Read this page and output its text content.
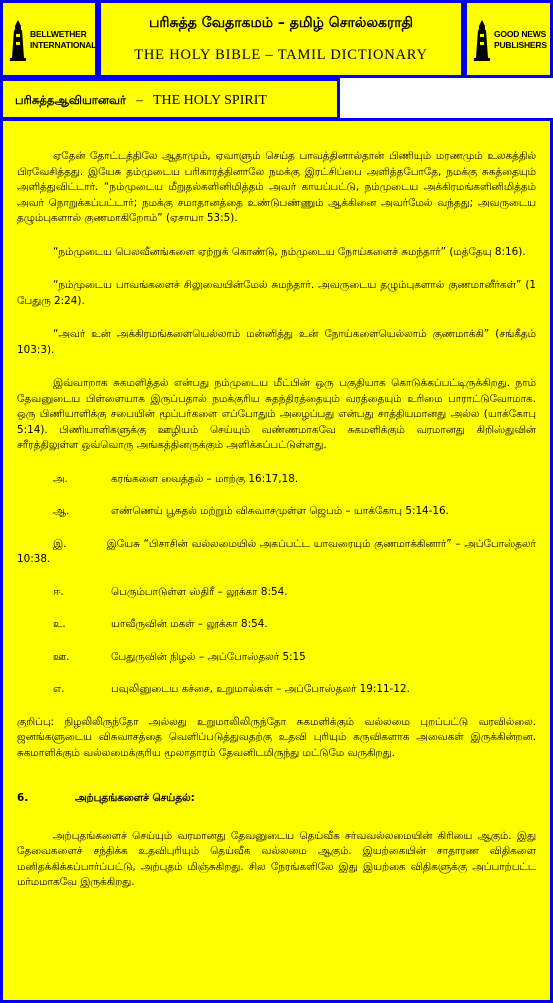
BELLWETHER INTERNATIONAL
பரிசுத்த வேதாகமம் – தமிழ் சொல்லகராதி
THE HOLY BIBLE – TAMIL DICTIONARY
GOOD NEWS PUBLISHERS
பரிசுத்தஆவியானவர் – THE HOLY SPIRIT

ஏதேன் தோட்டத்திலே ஆதாமும், ஏவாளும் செய்த பாவத்தினால்தான் பிணியும் மரணமும் உலகத்தில் பிரவேசித்தது. இயேசு தம்முடைய பரிகாரத்தினாலே நமக்கு இரட்சிப்பை அளித்தபோதே, நமக்கு சுகத்தையும் அளித்துவிட்டார். “நம்முடைய மீறுதல்களினிமித்தம் அவர் காயப்பட்டு, நம்முடைய அக்கிரமங்களினிமித்தம் அவர் நொறுக்கப்பட்டார்; நமக்கு சமாதானத்தை உண்டுபண்ணும் ஆக்கினை அவர்மேல் வந்தது; அவருடைய தழும்புகளால் குணமாகிறோம்” (ஏசாயா 53:5).

“நம்முடைய பெலவீனங்களை ஏற்றுக் கொண்டு, நம்முடைய நோய்களைச் சுமந்தார்” (மத்தேயு 8:16).

“நம்முடைய பாவங்களைச் சிலுவையின்மேல் சுமந்தார். அவருடைய தழும்புகளால் குணமானீர்கள்” (1 பேதுரு 2:24).

“அவர் உன் அக்கிரமங்களையெல்லாம் மன்னித்து உன் நோய்களையெல்லாம் குணமாக்கி” (சங்கீதம் 103:3).

இவ்வாறாக சுகமளித்தல் என்பது நம்முடைய மீட்பின் ஒரு பகுதியாக கொடுக்கப்பட்டிருக்கிறது. நாம் தேவனுடைய பிள்ளையாக இருப்பதால் நமக்குரிய சுதந்திரத்தையும் வரத்தையும் உரிமை பாராட்டுவோமாக. ஒரு பிணியாளிக்கு சபையின் மூப்பர்களை எப்போதும் அழைப்பது என்பது சாத்தியமானது அல்ல (யாக்கோபு 5:14). பிணியாளிகளுக்கு ஊழியம் செய்யும் வண்ணமாகவே சுகமளிக்கும் வரமானது கிறிஸ்துவின் சரீரத்திலுள்ள ஒவ்வொரு அங்கத்தினருக்கும் அளிக்கப்பட்டுள்ளது.

அ.	கரங்களை வைத்தல் – மாற்கு 16:17,18.

ஆ.	எண்ணெய் பூசுதல் மற்றும் விசுவாசமுள்ள ஜெபம் – யாக்கோபு 5:14-16.

இ.	இயேசு “பிசாசின் வல்லமையில் அகப்பட்ட யாவரையும் குணமாக்கினார்” – அப்போஸ்தலர் 10:38.

ஈ.	பெரும்பாடுள்ள ஸ்திரீ – லூக்கா 8:54.

உ.	யாவீருவின் மகள் – லூக்கா 8:54.

ஊ.	பேதுருவின் நிழல் – அப்போஸ்தலர் 5:15

எ.	பவுலினுடைய கச்சை, உறுமால்கள் – அப்போஸ்தலர் 19:11-12.

குறிப்பு: நிழலிலிருந்தோ அல்லது உறுமாலிலிருந்தோ சுகமளிக்கும் வல்லமை புறப்பட்டு வரவில்லை. ஜனங்களுடைய விசுவாசத்தை வெளிப்படுத்துவதற்கு உதவி புரியும் கருவிகளாக அவைகள் இருக்கின்றன. சுகமாளிக்கும் வல்லமைக்குரிய மூலாதாரம் தேவனிடமிருந்து மட்டுமே வருகிறது.

6.	அற்புதங்களைச் செய்தல்:

அற்புதங்களைச் செய்யும் வரமானது தேவனுடைய தெய்வீக சர்வவல்லமையின் கிரியை ஆகும். இது தேவைகளைச் சந்திக்க உதவிபுரியும் தெய்வீக வல்லமை ஆகும். இயற்கையின் சாதாரண விதிகளை மனிதக்கிக்கப்பார்ப்பட்டு, அற்புதம் மிஞ்சுகிறது. சில நேரங்களிலே இது இயற்கை விதிகளுக்கு அப்பாற்பட்ட மர்மமாகவே இருக்கிறது.
